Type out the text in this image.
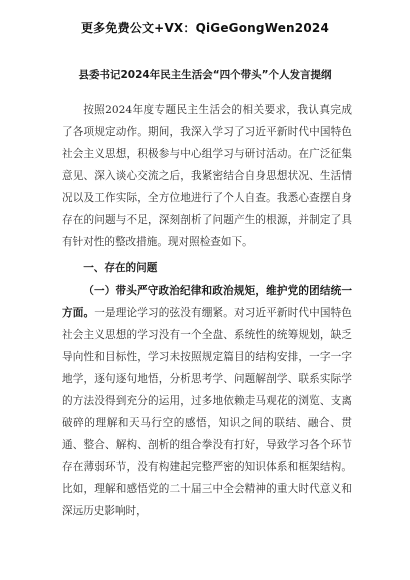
更多免费公文+VX：QiGeGongWen2024
县委书记2024年民主生活会“四个带头”个人发言提纲

按照2024年度专题民主生活会的相关要求，我认真完成了各项规定动作。期间，我深入学习了习近平新时代中国特色社会主义思想，积极参与中心组学习与研讨活动。在广泛征集意见、深入谈心交流之后，我紧密结合自身思想状况、生活情况以及工作实际，全方位地进行了个人自查。我悉心查摆自身存在的问题与不足，深刻剖析了问题产生的根源，并制定了具有针对性的整改措施。现对照检查如下。

一、存在的问题

（一）带头严守政治纪律和政治规矩，维护党的团结统一方面。一是理论学习的弦没有绷紧。对习近平新时代中国特色社会主义思想的学习没有一个全盘、系统性的统筹规划，缺乏导向性和目标性，学习未按照规定篇目的结构安排，一字一字地学，逐句逐句地悟，分析思考学、问题解剖学、联系实际学的方法没得到充分的运用，过多地依赖走马观花的浏览、支离破碎的理解和天马行空的感悟，知识之间的联结、融合、贯通、整合、解构、剖析的组合拳没有打好，导致学习各个环节存在薄弱环节，没有构建起完整严密的知识体系和框架结构。比如，理解和感悟党的二十届三中全会精神的重大时代意义和深远历史影响时，
